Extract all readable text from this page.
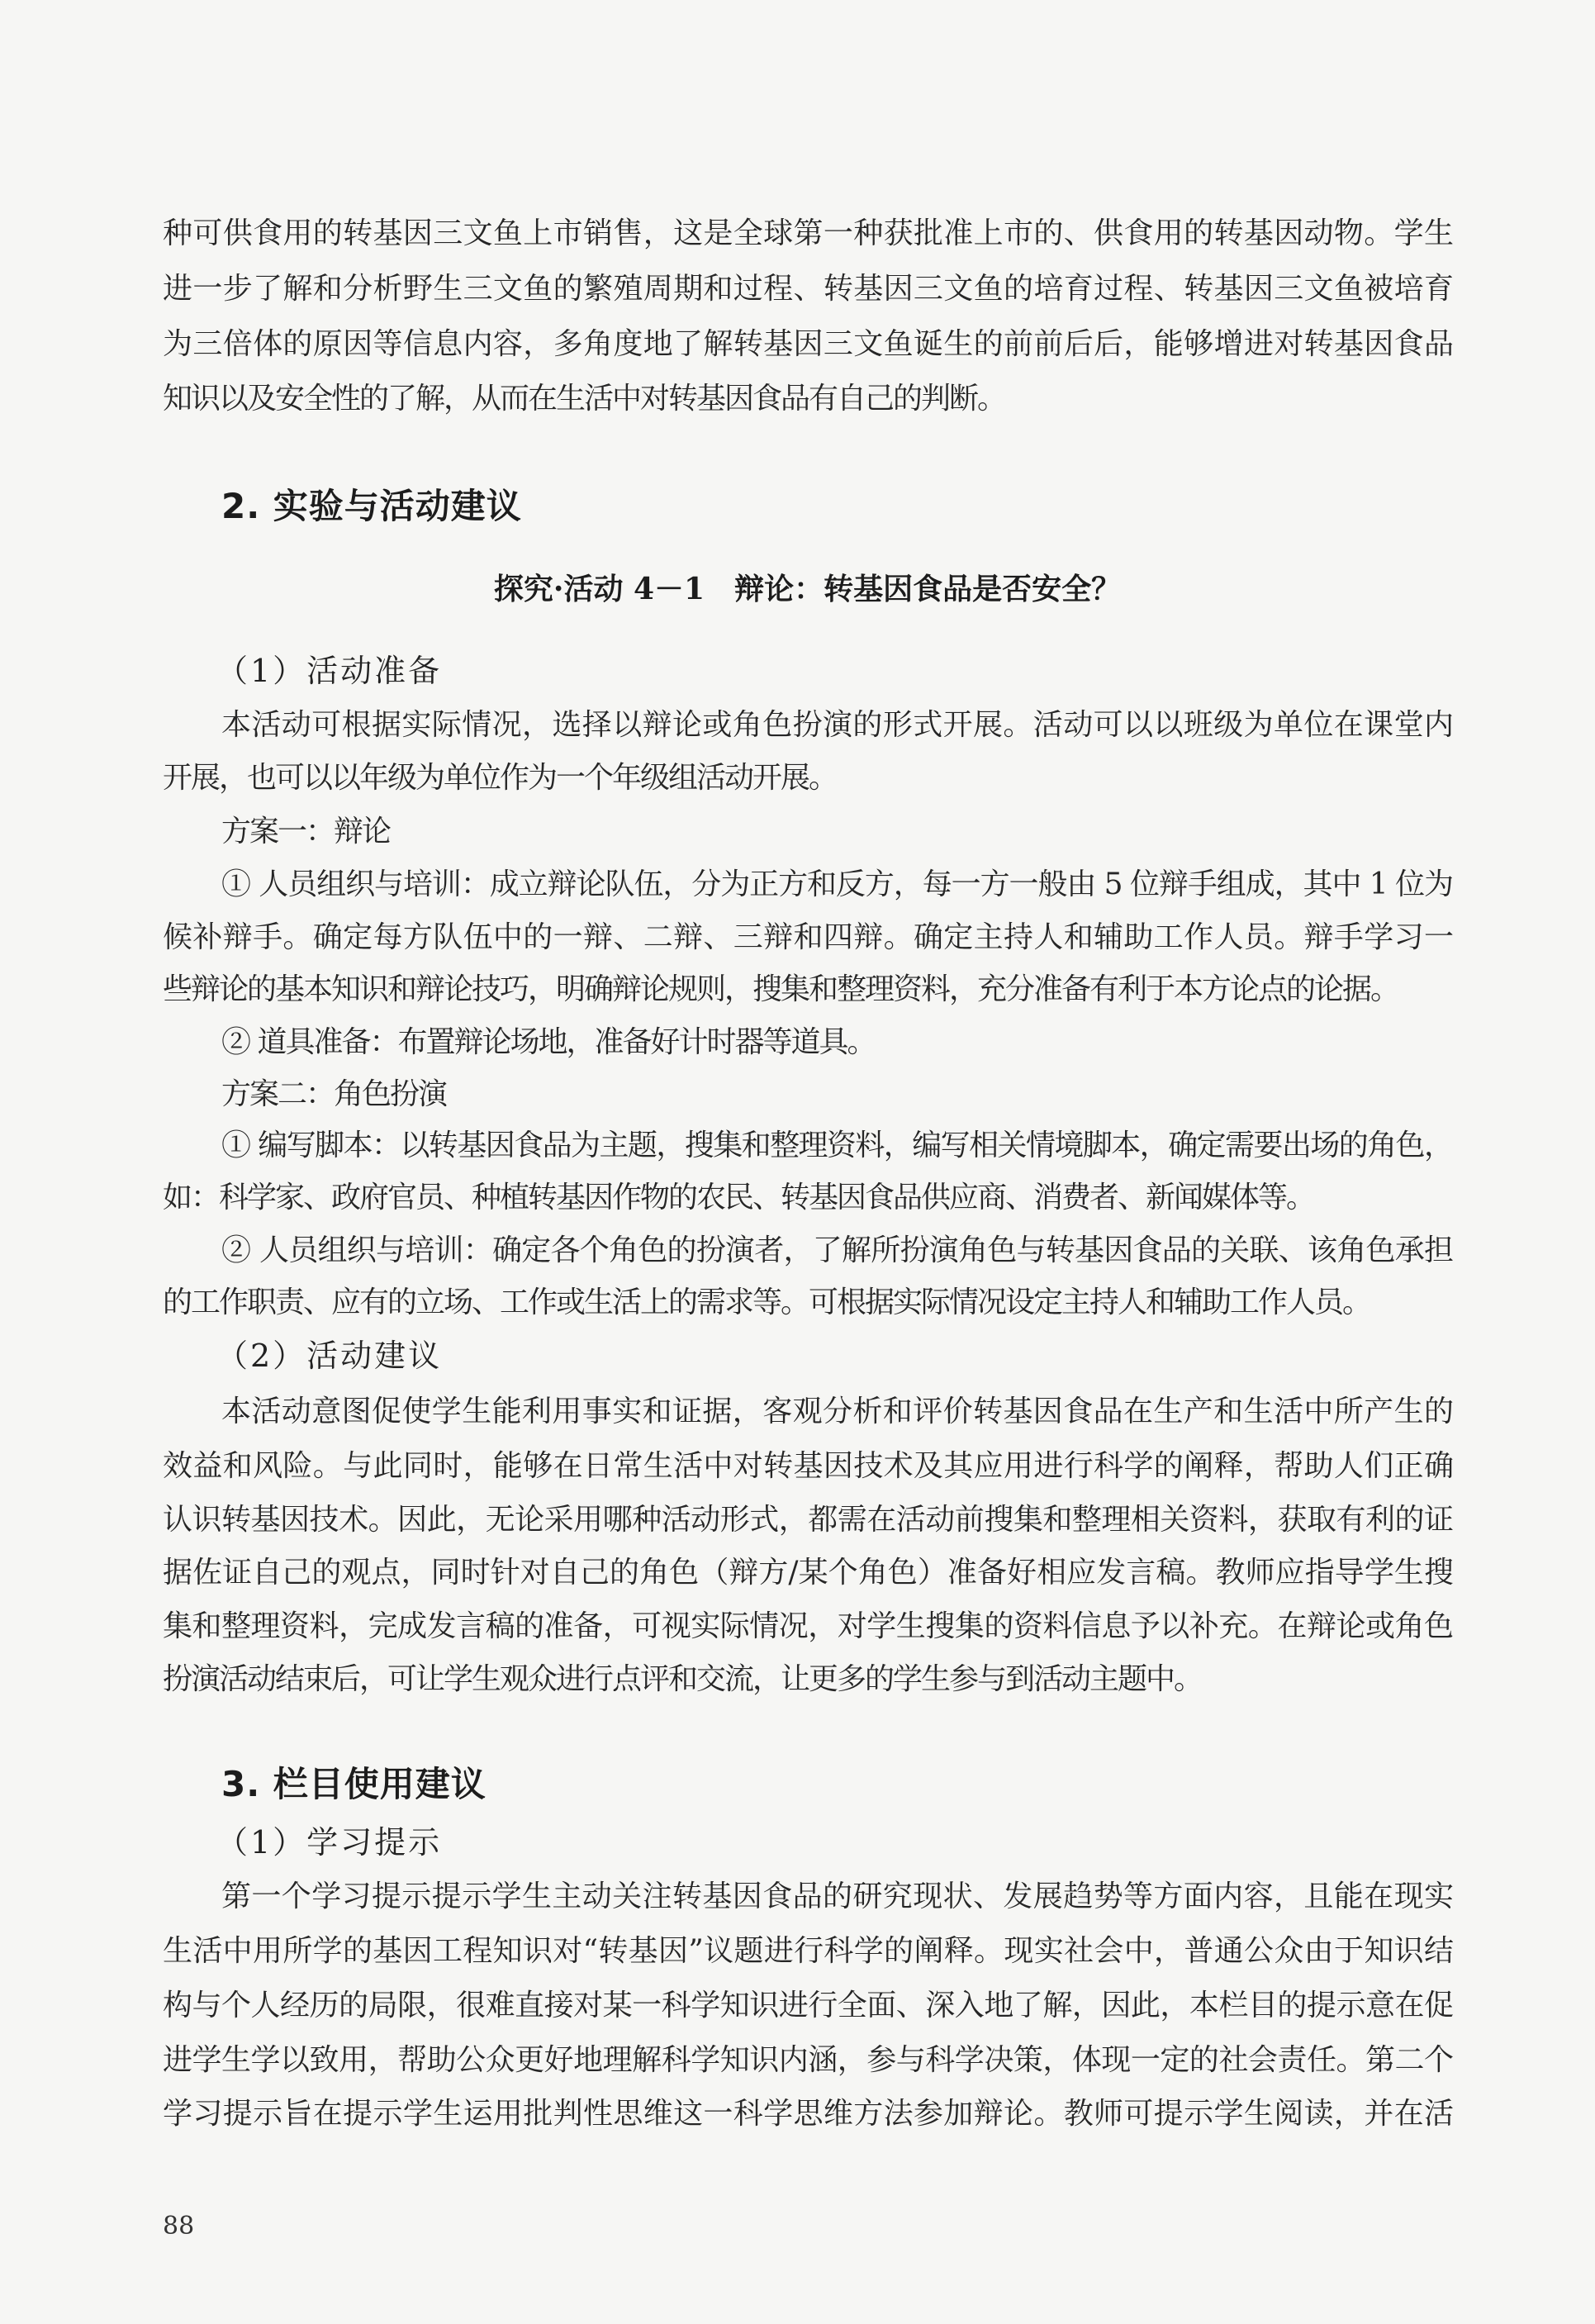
种可供食用的转基因三文鱼上市销售，这是全球第一种获批准上市的、供食用的转基因动物。学生
进一步了解和分析野生三文鱼的繁殖周期和过程、转基因三文鱼的培育过程、转基因三文鱼被培育
为三倍体的原因等信息内容，多角度地了解转基因三文鱼诞生的前前后后，能够增进对转基因食品
知识以及安全性的了解，从而在生活中对转基因食品有自己的判断。
2. 实验与活动建议
探究·活动 4－1　辩论：转基因食品是否安全？
（1）活动准备
本活动可根据实际情况，选择以辩论或角色扮演的形式开展。活动可以以班级为单位在课堂内
开展，也可以以年级为单位作为一个年级组活动开展。
方案一：辩论
① 人员组织与培训：成立辩论队伍，分为正方和反方，每一方一般由 5 位辩手组成，其中 1 位为
候补辩手。确定每方队伍中的一辩、二辩、三辩和四辩。确定主持人和辅助工作人员。辩手学习一
些辩论的基本知识和辩论技巧，明确辩论规则，搜集和整理资料，充分准备有利于本方论点的论据。
② 道具准备：布置辩论场地，准备好计时器等道具。
方案二：角色扮演
① 编写脚本：以转基因食品为主题，搜集和整理资料，编写相关情境脚本，确定需要出场的角色，
如：科学家、政府官员、种植转基因作物的农民、转基因食品供应商、消费者、新闻媒体等。
② 人员组织与培训：确定各个角色的扮演者，了解所扮演角色与转基因食品的关联、该角色承担
的工作职责、应有的立场、工作或生活上的需求等。可根据实际情况设定主持人和辅助工作人员。
（2）活动建议
本活动意图促使学生能利用事实和证据，客观分析和评价转基因食品在生产和生活中所产生的
效益和风险。与此同时，能够在日常生活中对转基因技术及其应用进行科学的阐释，帮助人们正确
认识转基因技术。因此，无论采用哪种活动形式，都需在活动前搜集和整理相关资料，获取有利的证
据佐证自己的观点，同时针对自己的角色（辩方/某个角色）准备好相应发言稿。教师应指导学生搜
集和整理资料，完成发言稿的准备，可视实际情况，对学生搜集的资料信息予以补充。在辩论或角色
扮演活动结束后，可让学生观众进行点评和交流，让更多的学生参与到活动主题中。
3. 栏目使用建议
（1）学习提示
第一个学习提示提示学生主动关注转基因食品的研究现状、发展趋势等方面内容，且能在现实
生活中用所学的基因工程知识对“转基因”议题进行科学的阐释。现实社会中，普通公众由于知识结
构与个人经历的局限，很难直接对某一科学知识进行全面、深入地了解，因此，本栏目的提示意在促
进学生学以致用，帮助公众更好地理解科学知识内涵，参与科学决策，体现一定的社会责任。第二个
学习提示旨在提示学生运用批判性思维这一科学思维方法参加辩论。教师可提示学生阅读，并在活
88
